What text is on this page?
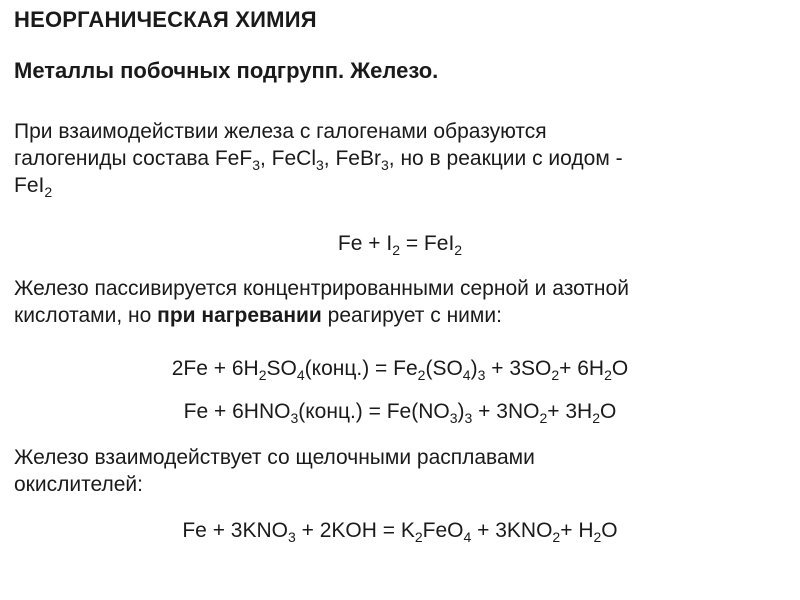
НЕОРГАНИЧЕСКАЯ ХИМИЯ
Металлы побочных подгрупп. Железо.
При взаимодействии железа с галогенами образуются
галогениды состава FeF$_3$, FeCl$_3$, FeBr$_3$, но в реакции с иодом -
FeI$_2$
$Fe + I_2 = FeI_2$
Железо пассивируется концентрированными серной и азотной
кислотами, но при нагревании реагирует с ними:
$2Fe + 6H_2SO_4(конц.) = Fe_2(SO_4)_3 + 3SO_2+ 6H_2O$
$Fe + 6HNO_3(конц.) = Fe(NO_3)_3 + 3NO_2+ 3H_2O$
Железо взаимодействует со щелочными расплавами
окислителей:
$Fe + 3KNO_3 + 2KOH = K_2FeO_4 + 3KNO_2+ H_2O$
